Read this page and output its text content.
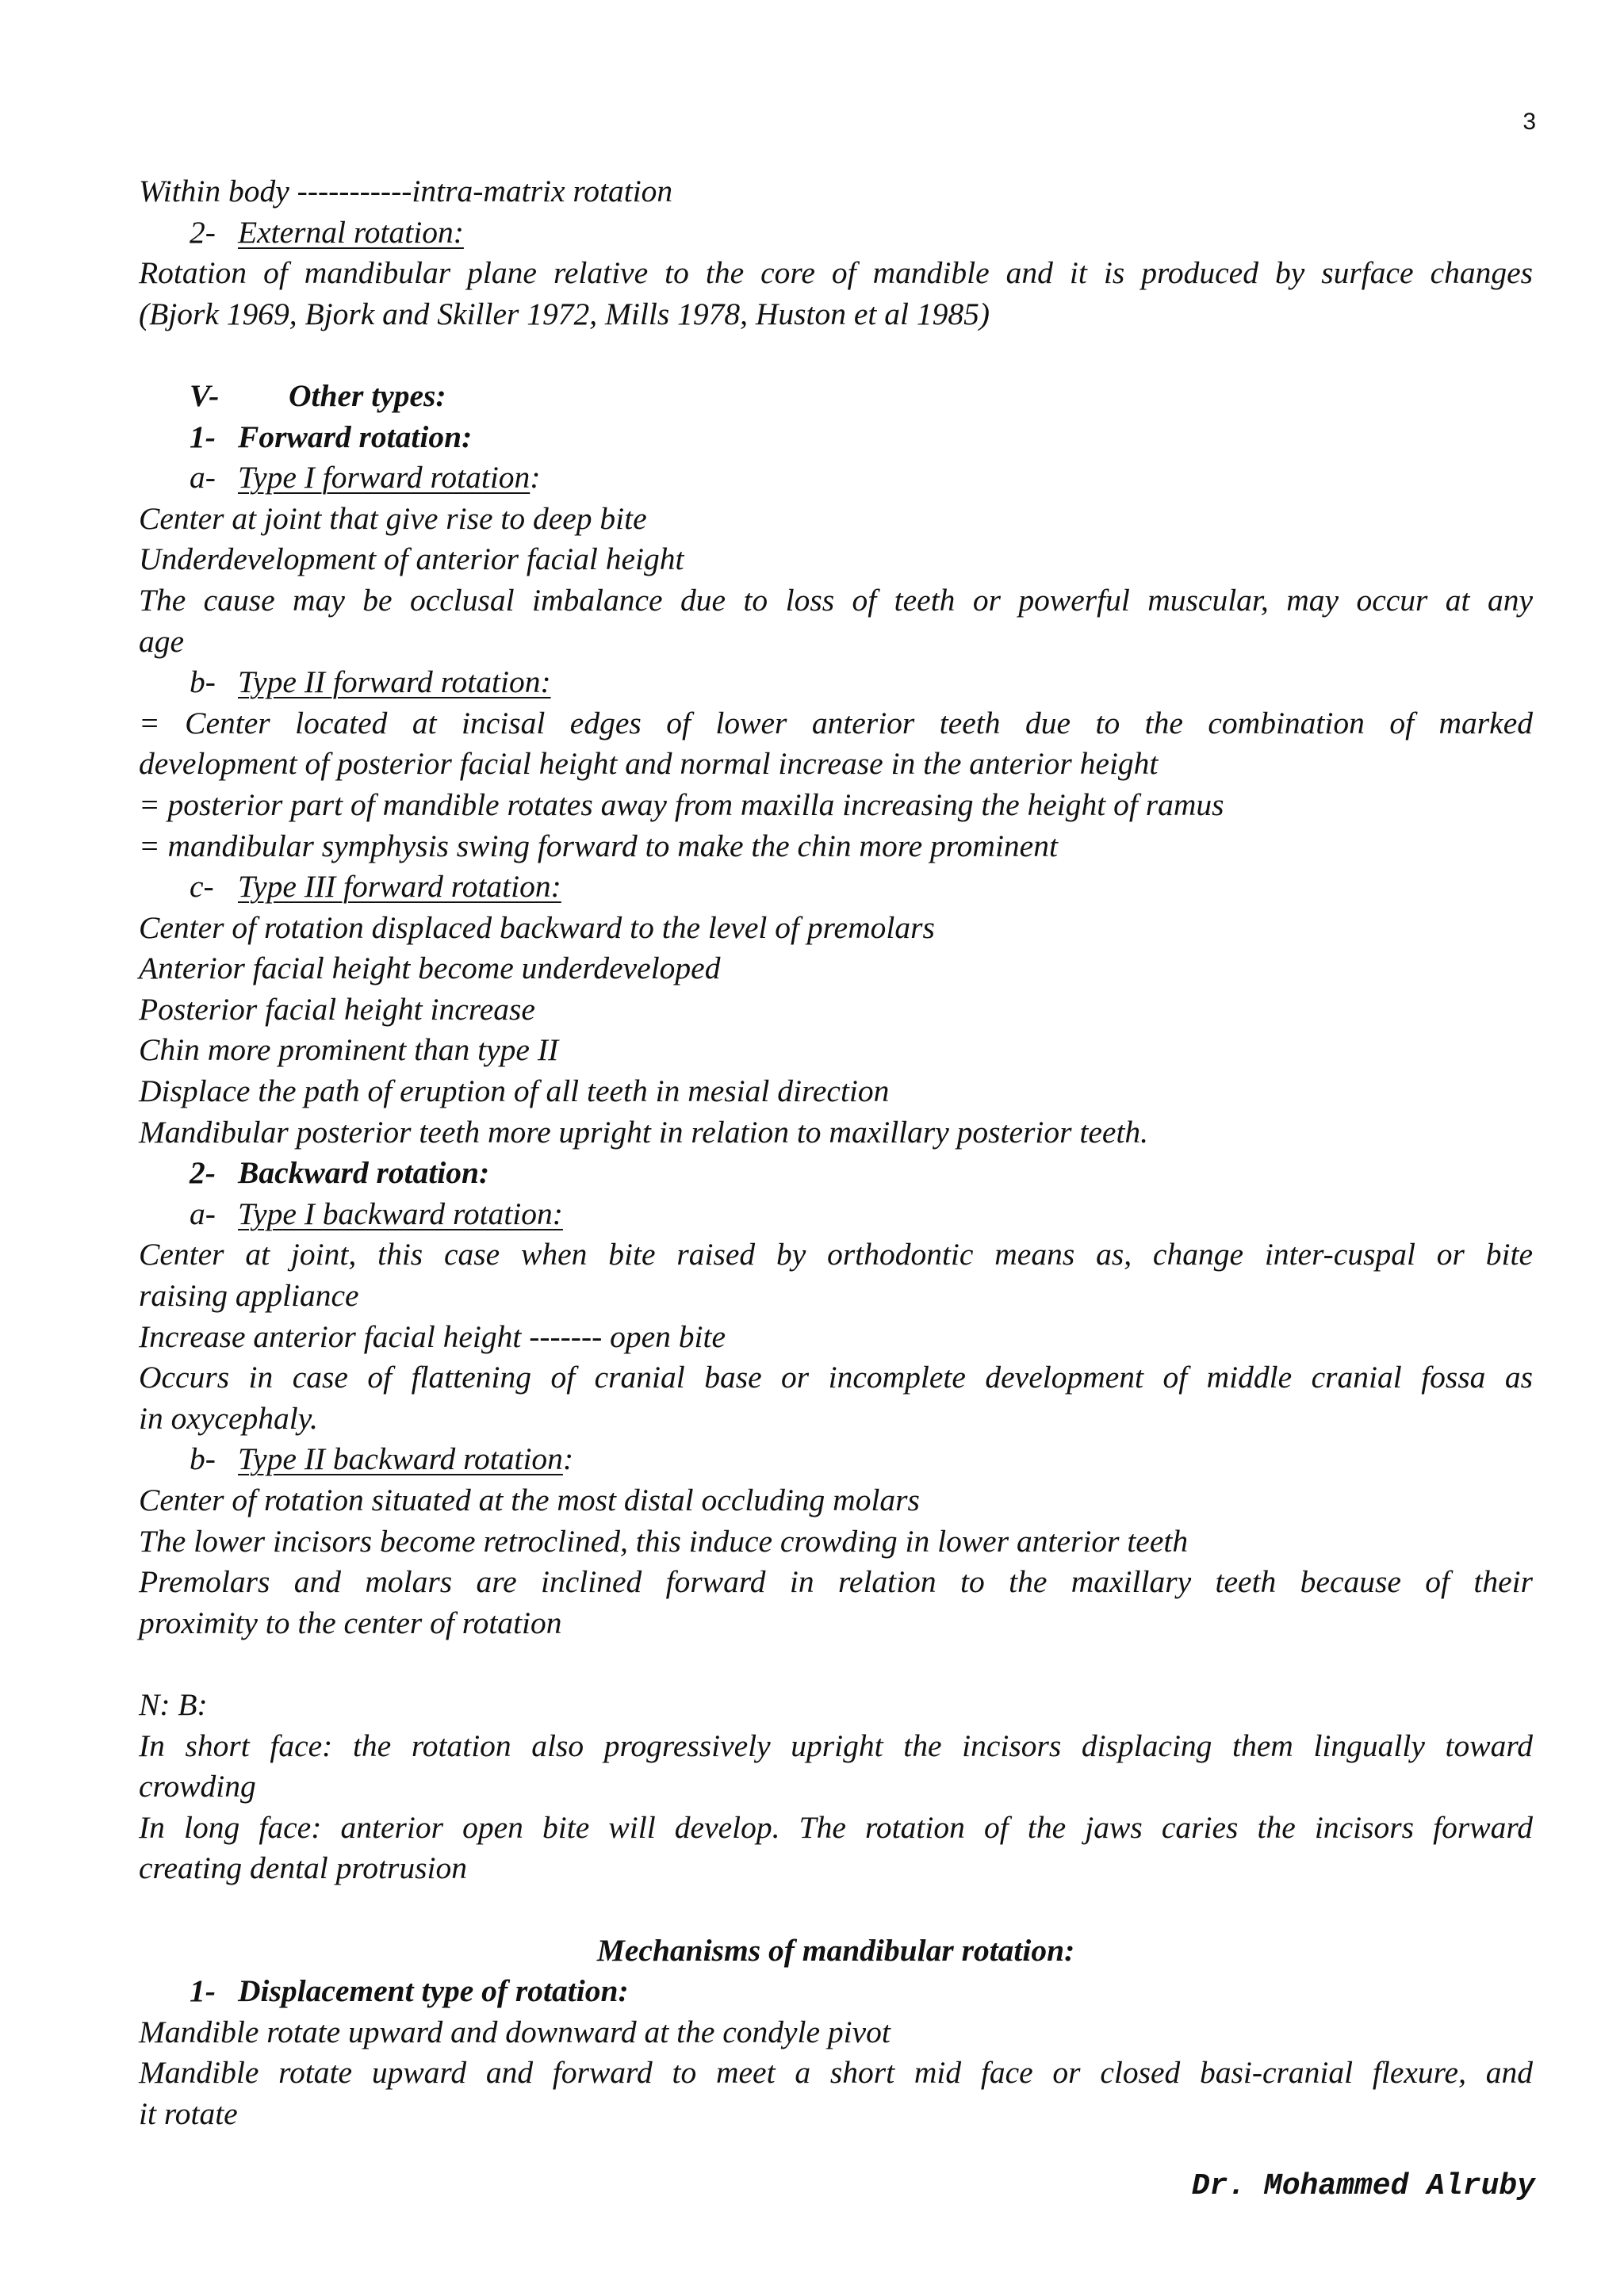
3
Within body -----------intra-matrix rotation
2- External rotation:
Rotation of mandibular plane relative to the core of mandible and it is produced by surface changes
(Bjork 1969, Bjork and Skiller 1972, Mills 1978, Huston et al 1985)
V- Other types:
1- Forward rotation:
a- Type I forward rotation:
Center at joint that give rise to deep bite
Underdevelopment of anterior facial height
The cause may be occlusal imbalance due to loss of teeth or powerful muscular, may occur at any
age
b- Type II forward rotation:
= Center located at incisal edges of lower anterior teeth due to the combination of marked
development of posterior facial height and normal increase in the anterior height
= posterior part of mandible rotates away from maxilla increasing the height of ramus
= mandibular symphysis swing forward to make the chin more prominent
c- Type III forward rotation:
Center of rotation displaced backward to the level of premolars
Anterior facial height become underdeveloped
Posterior facial height increase
Chin more prominent than type II
Displace the path of eruption of all teeth in mesial direction
Mandibular posterior teeth more upright in relation to maxillary posterior teeth.
2- Backward rotation:
a- Type I backward rotation:
Center at joint, this case when bite raised by orthodontic means as, change inter-cuspal or bite
raising appliance
Increase anterior facial height ------- open bite
Occurs in case of flattening of cranial base or incomplete development of middle cranial fossa as
in oxycephaly.
b- Type II backward rotation:
Center of rotation situated at the most distal occluding molars
The lower incisors become retroclined, this induce crowding in lower anterior teeth
Premolars and molars are inclined forward in relation to the maxillary teeth because of their
proximity to the center of rotation
N: B:
In short face: the rotation also progressively upright the incisors displacing them lingually toward
crowding
In long face: anterior open bite will develop. The rotation of the jaws caries the incisors forward
creating dental protrusion
Mechanisms of mandibular rotation:
1- Displacement type of rotation:
Mandible rotate upward and downward at the condyle pivot
Mandible rotate upward and forward to meet a short mid face or closed basi-cranial flexure, and
it rotate
Dr. Mohammed Alruby
